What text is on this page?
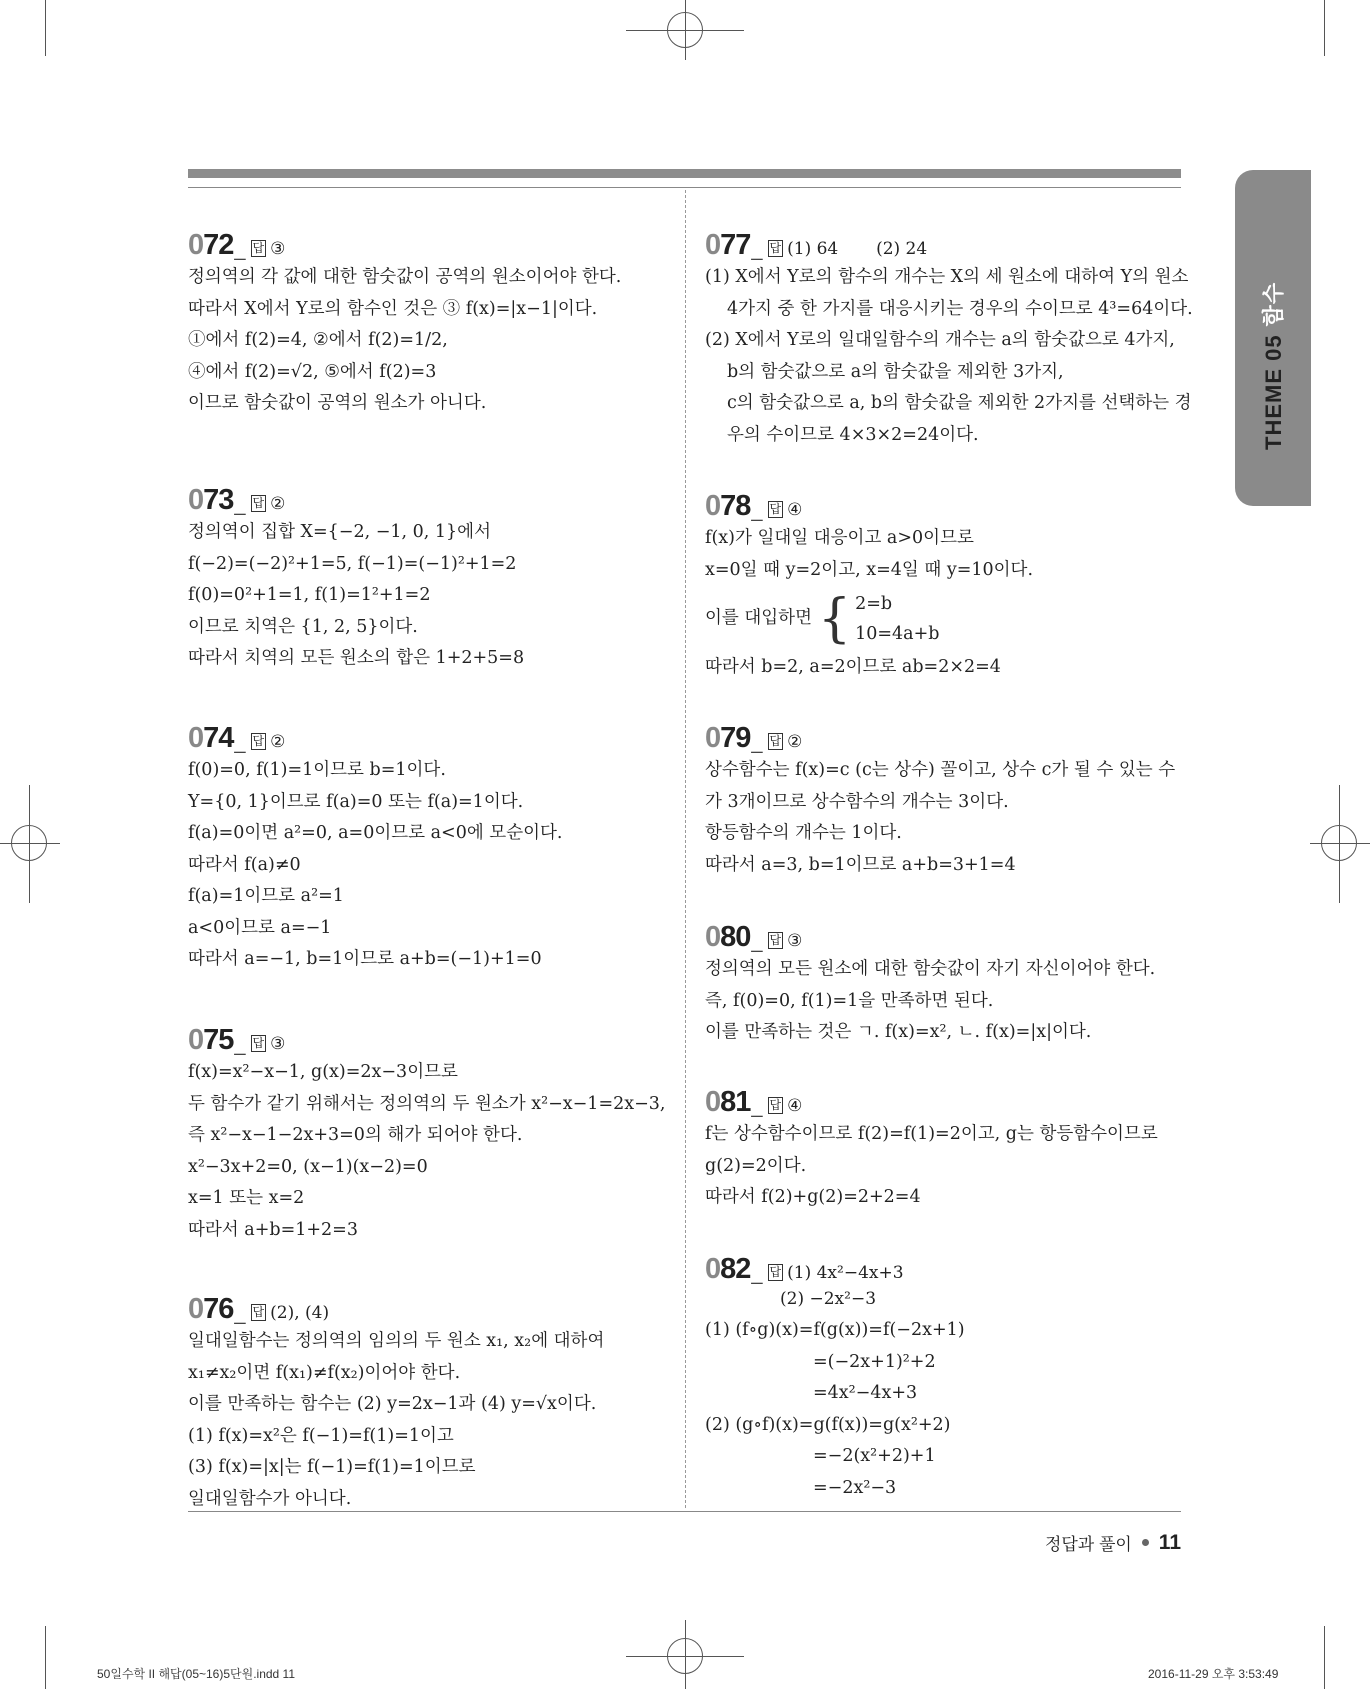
THEME 05함수
072 _ 답 ③
정의역의 각 값에 대한 함숫값이 공역의 원소이어야 한다.
따라서 X에서 Y로의 함수인 것은 ③ f(x)=|x−1|이다.
①에서 f(2)=4, ②에서 f(2)=1/2,
④에서 f(2)=√2, ⑤에서 f(2)=3
이므로 함숫값이 공역의 원소가 아니다.
073 _ 답 ②
정의역이 집합 X={−2, −1, 0, 1}에서
f(−2)=(−2)²+1=5, f(−1)=(−1)²+1=2
f(0)=0²+1=1, f(1)=1²+1=2
이므로 치역은 {1, 2, 5}이다.
따라서 치역의 모든 원소의 합은 1+2+5=8
074 _ 답 ②
f(0)=0, f(1)=1이므로 b=1이다.
Y={0, 1}이므로 f(a)=0 또는 f(a)=1이다.
f(a)=0이면 a²=0, a=0이므로 a<0에 모순이다.
따라서 f(a)≠0
f(a)=1이므로 a²=1
a<0이므로 a=−1
따라서 a=−1, b=1이므로 a+b=(−1)+1=0
075 _ 답 ③
f(x)=x²−x−1, g(x)=2x−3이므로
두 함수가 같기 위해서는 정의역의 두 원소가 x²−x−1=2x−3,
즉 x²−x−1−2x+3=0의 해가 되어야 한다.
x²−3x+2=0, (x−1)(x−2)=0
x=1 또는 x=2
따라서 a+b=1+2=3
076 _ 답 (2), (4)
일대일함수는 정의역의 임의의 두 원소 x₁, x₂에 대하여
x₁≠x₂이면 f(x₁)≠f(x₂)이어야 한다.
이를 만족하는 함수는 (2) y=2x−1과 (4) y=√x이다.
(1) f(x)=x²은 f(−1)=f(1)=1이고
(3) f(x)=|x|는 f(−1)=f(1)=1이므로
일대일함수가 아니다.
077 _ 답 (1) 64       (2) 24
(1) X에서 Y로의 함수의 개수는 X의 세 원소에 대하여 Y의 원소
4가지 중 한 가지를 대응시키는 경우의 수이므로 4³=64이다.
(2) X에서 Y로의 일대일함수의 개수는 a의 함숫값으로 4가지,
b의 함숫값으로 a의 함숫값을 제외한 3가지,
c의 함숫값으로 a, b의 함숫값을 제외한 2가지를 선택하는 경
우의 수이므로 4×3×2=24이다.
078 _ 답 ④
f(x)가 일대일 대응이고 a>0이므로
x=0일 때 y=2이고, x=4일 때 y=10이다.
이를 대입하면 { 2=b
10=4a+b
따라서 b=2, a=2이므로 ab=2×2=4
079 _ 답 ②
상수함수는 f(x)=c (c는 상수) 꼴이고, 상수 c가 될 수 있는 수
가 3개이므로 상수함수의 개수는 3이다.
항등함수의 개수는 1이다.
따라서 a=3, b=1이므로 a+b=3+1=4
080 _ 답 ③
정의역의 모든 원소에 대한 함숫값이 자기 자신이어야 한다.
즉, f(0)=0, f(1)=1을 만족하면 된다.
이를 만족하는 것은 ㄱ. f(x)=x², ㄴ. f(x)=|x|이다.
081 _ 답 ④
f는 상수함수이므로 f(2)=f(1)=2이고, g는 항등함수이므로
g(2)=2이다.
따라서 f(2)+g(2)=2+2=4
082 _ 답 (1) 4x²−4x+3
(2) −2x²−3
(1) (f∘g)(x)=f(g(x))=f(−2x+1)
=(−2x+1)²+2
=4x²−4x+3
(2) (g∘f)(x)=g(f(x))=g(x²+2)
=−2(x²+2)+1
=−2x²−3
정답과 풀이 11
50일수학 II 해답(05~16)5단원.indd 11	2016-11-29 오후 3:53:49
